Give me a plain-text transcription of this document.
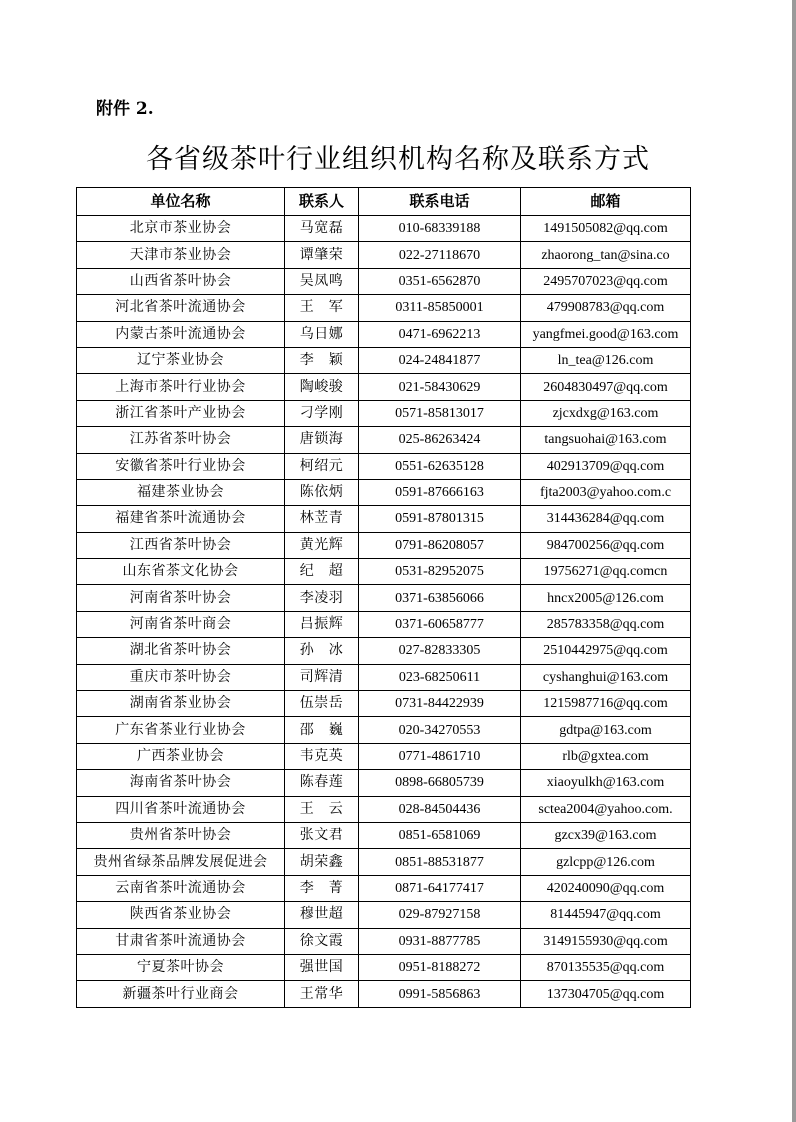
附件 2.
各省级茶叶行业组织机构名称及联系方式
单位名称	联系人	联系电话	邮箱
北京市茶业协会	马宽磊	010-68339188	1491505082@qq.com
天津市茶业协会	谭肇荣	022-27118670	zhaorong_tan@sina.co
山西省茶叶协会	吴凤鸣	0351-6562870	2495707023@qq.com
河北省茶叶流通协会	王　军	0311-85850001	479908783@qq.com
内蒙古茶叶流通协会	乌日娜	0471-6962213	yangfmei.good@163.com
辽宁茶业协会	李　颖	024-24841877	ln_tea@126.com
上海市茶叶行业协会	陶峻骏	021-58430629	2604830497@qq.com
浙江省茶叶产业协会	刁学刚	0571-85813017	zjcxdxg@163.com
江苏省茶叶协会	唐锁海	025-86263424	tangsuohai@163.com
安徽省茶叶行业协会	柯绍元	0551-62635128	402913709@qq.com
福建茶业协会	陈依炳	0591-87666163	fjta2003@yahoo.com.c
福建省茶叶流通协会	林苙青	0591-87801315	314436284@qq.com
江西省茶叶协会	黄光辉	0791-86208057	984700256@qq.com
山东省茶文化协会	纪　超	0531-82952075	19756271@qq.comcn
河南省茶叶协会	李凌羽	0371-63856066	hncx2005@126.com
河南省茶叶商会	吕振辉	0371-60658777	285783358@qq.com
湖北省茶叶协会	孙　冰	027-82833305	2510442975@qq.com
重庆市茶叶协会	司辉清	023-68250611	cyshanghui@163.com
湖南省茶业协会	伍崇岳	0731-84422939	1215987716@qq.com
广东省茶业行业协会	邵　巍	020-34270553	gdtpa@163.com
广西茶业协会	韦克英	0771-4861710	rlb@gxtea.com
海南省茶叶协会	陈春莲	0898-66805739	xiaoyulkh@163.com
四川省茶叶流通协会	王　云	028-84504436	sctea2004@yahoo.com.
贵州省茶叶协会	张文君	0851-6581069	gzcx39@163.com
贵州省绿茶品牌发展促进会	胡荣鑫	0851-88531877	gzlcpp@126.com
云南省茶叶流通协会	李　菁	0871-64177417	420240090@qq.com
陕西省茶业协会	穆世超	029-87927158	81445947@qq.com
甘肃省茶叶流通协会	徐文霞	0931-8877785	3149155930@qq.com
宁夏茶叶协会	强世国	0951-8188272	870135535@qq.com
新疆茶叶行业商会	王常华	0991-5856863	137304705@qq.com
